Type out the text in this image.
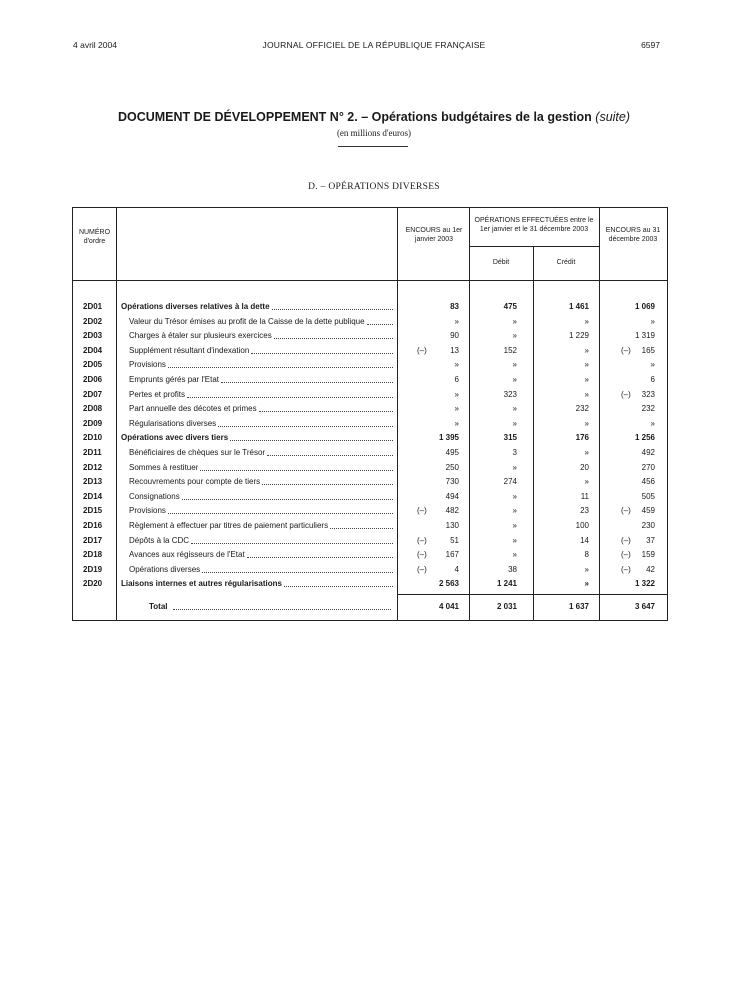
4 avril 2004	JOURNAL OFFICIEL DE LA RÉPUBLIQUE FRANÇAISE	6597
DOCUMENT DE DÉVELOPPEMENT N° 2. – Opérations budgétaires de la gestion (suite)
(en millions d'euros)
D. – OPÉRATIONS DIVERSES
NUMÉRO d'ordre
ENCOURS au 1er janvier 2003
OPÉRATIONS EFFECTUÉES entre le 1er janvier et le 31 décembre 2003
Débit	Crédit
ENCOURS au 31 décembre 2003
2D01 Opérations diverses relatives à la dette	83	475	1 461	1 069
2D02	Valeur du Trésor émises au profit de la Caisse de la dette publique	»	»	»	»
2D03	Charges à étaler sur plusieurs exercices	90	»	1 229	1 319
2D04	Supplément résultant d'indexation	(–)	13	152	»	(–)	165
2D05	Provisions	»	»	»	»
2D06	Emprunts gérés par l'Etat	6	»	»	6
2D07	Pertes et profits	»	323	»	(–)	323
2D08	Part annuelle des décotes et primes	»	»	232	232
2D09	Régularisations diverses	»	»	»	»
2D10 Opérations avec divers tiers	1 395	315	176	1 256
2D11	Bénéficiaires de chèques sur le Trésor	495	3	»	492
2D12	Sommes à restituer	250	»	20	270
2D13	Recouvrements pour compte de tiers	730	274	»	456
2D14	Consignations	494	»	11	505
2D15	Provisions	(–)	482	»	23	(–)	459
2D16	Règlement à effectuer par titres de paiement particuliers	130	»	100	230
2D17	Dépôts à la CDC	(–)	51	»	14	(–)	37
2D18	Avances aux régisseurs de l'Etat	(–)	167	»	8	(–)	159
2D19	Opérations diverses	(–)	4	38	»	(–)	42
2D20 Liaisons internes et autres régularisations	2 563	1 241	»	1 322
Total	4 041	2 031	1 637	3 647
